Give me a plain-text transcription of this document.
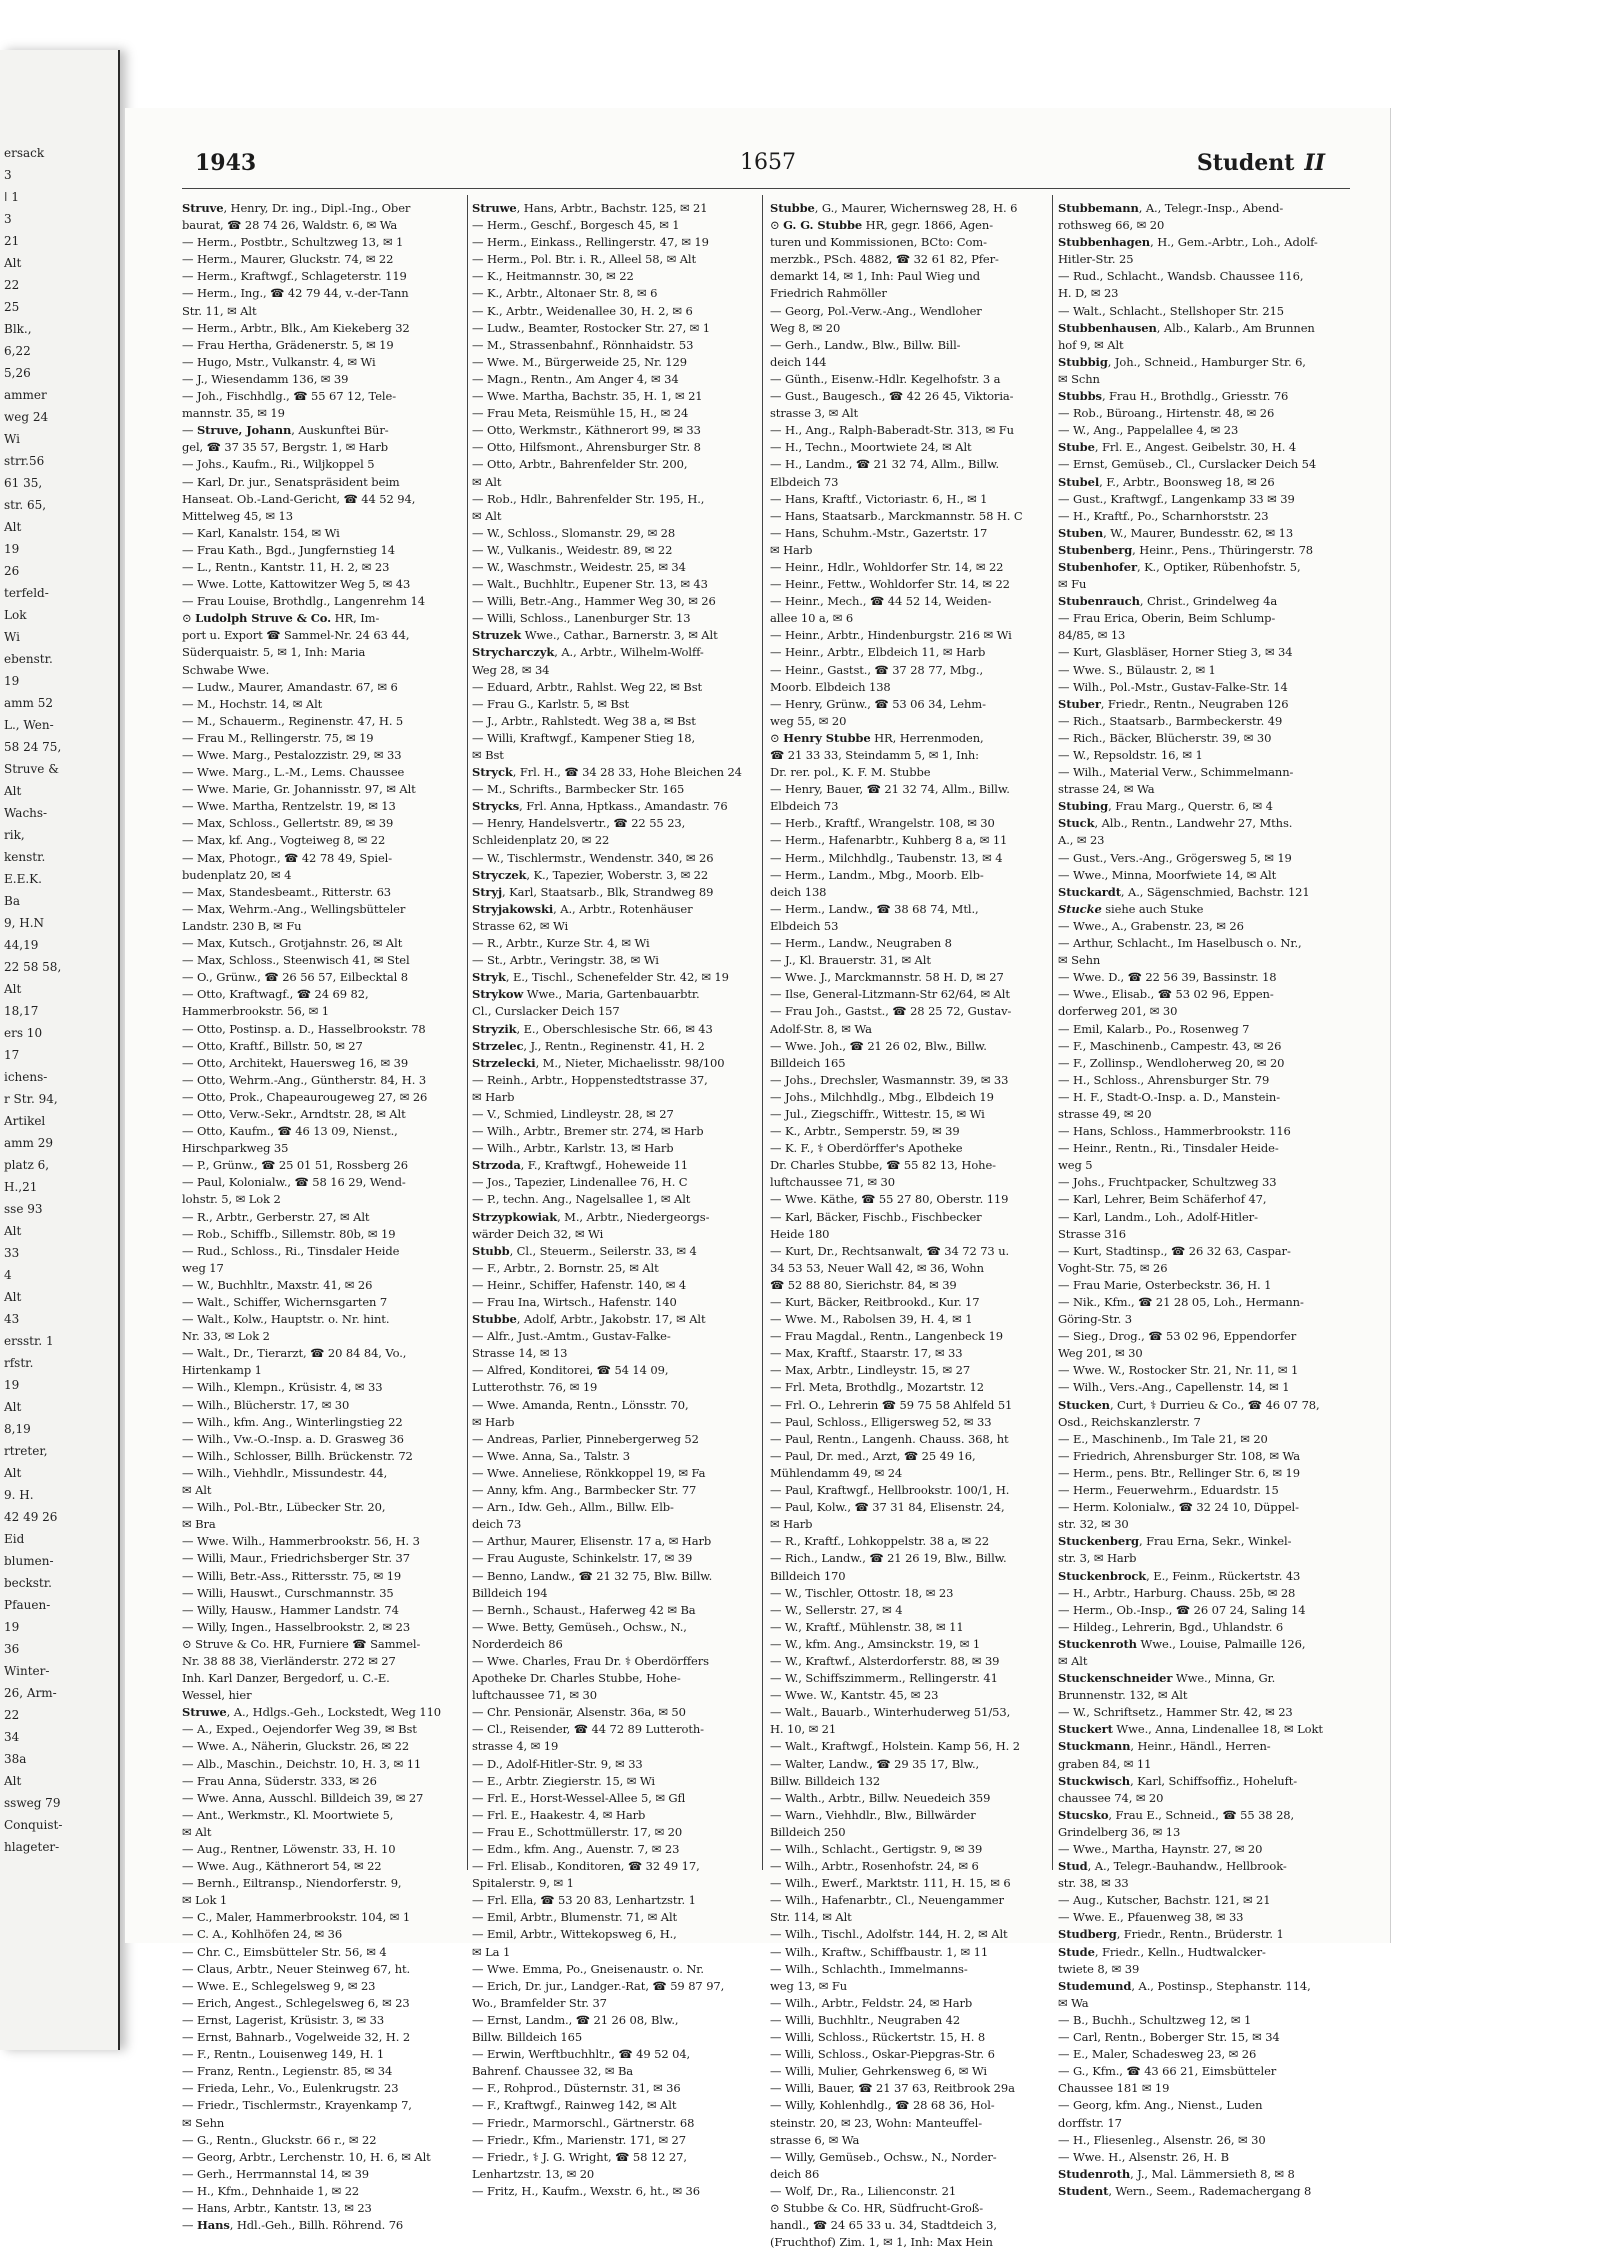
ersack
3
ǀ 1
3
21
Alt
22
25
Blk.,
6,22
5,26
ammer
weg 24
Wi
strr.56
61 35,
str. 65,
Alt
19
26
terfeld-
Lok
Wi
ebenstr.
19
amm 52
L., Wen-
58 24 75,
Struve &
Alt
Wachs-
rik,
kenstr.
E.E.K.
Ba
9, H.N
44,19
22 58 58,
Alt
18,17
ers 10
17
ichens-
r Str. 94,
Artikel
amm 29
platz 6,
H.,21
sse 93
Alt
33
4
Alt
43
ersstr. 1
rfstr.
19
Alt
8,19
rtreter,
Alt
9. H.
42 49 26
Eid
blumen-
beckstr.
Pfauen-
19
36
Winter-
26, Arm-
22
34
38a
Alt
ssweg 79
Conquist-
hlageter-
1943	1657	Student II
Struve, Henry, Dr. ing., Dipl.-Ing., Ober
baurat, ☎ 28 74 26, Waldstr. 6, ✉ Wa
— Herm., Postbtr., Schultzweg 13, ✉ 1
— Herm., Maurer, Gluckstr. 74, ✉ 22
— Herm., Kraftwgf., Schlageterstr. 119
— Herm., Ing., ☎ 42 79 44, v.-der-Tann
Str. 11, ✉ Alt
— Herm., Arbtr., Blk., Am Kiekeberg 32
— Frau Hertha, Grädenerstr. 5, ✉ 19
— Hugo, Mstr., Vulkanstr. 4, ✉ Wi
— J., Wiesendamm 136, ✉ 39
— Joh., Fischhdlg., ☎ 55 67 12, Tele-
mannstr. 35, ✉ 19
— Struve, Johann, Auskunftei Bür-
gel, ☎ 37 35 57, Bergstr. 1, ✉ Harb
— Johs., Kaufm., Ri., Wiljkoppel 5
— Karl, Dr. jur., Senatspräsident beim
Hanseat. Ob.-Land-Gericht, ☎ 44 52 94,
Mittelweg 45, ✉ 13
— Karl, Kanalstr. 154, ✉ Wi
— Frau Kath., Bgd., Jungfernstieg 14
— L., Rentn., Kantstr. 11, H. 2, ✉ 23
— Wwe. Lotte, Kattowitzer Weg 5, ✉ 43
— Frau Louise, Brothdlg., Langenrehm 14
⊙ Ludolph Struve & Co. HR, Im-
port u. Export ☎ Sammel-Nr. 24 63 44,
Süderquaistr. 5, ✉ 1, Inh: Maria
Schwabe Wwe.
— Ludw., Maurer, Amandastr. 67, ✉ 6
— M., Hochstr. 14, ✉ Alt
— M., Schauerm., Reginenstr. 47, H. 5
— Frau M., Rellingerstr. 75, ✉ 19
— Wwe. Marg., Pestalozzistr. 29, ✉ 33
— Wwe. Marg., L.-M., Lems. Chaussee
— Wwe. Marie, Gr. Johannisstr. 97, ✉ Alt
— Wwe. Martha, Rentzelstr. 19, ✉ 13
— Max, Schloss., Gellertstr. 89, ✉ 39
— Max, kf. Ang., Vogteiweg 8, ✉ 22
— Max, Photogr., ☎ 42 78 49, Spiel-
budenplatz 20, ✉ 4
— Max, Standesbeamt., Ritterstr. 63
— Max, Wehrm.-Ang., Wellingsbütteler
Landstr. 230 B, ✉ Fu
— Max, Kutsch., Grotjahnstr. 26, ✉ Alt
— Max, Schloss., Steenwisch 41, ✉ Stel
— O., Grünw., ☎ 26 56 57, Eilbecktal 8
— Otto, Kraftwagf., ☎ 24 69 82,
Hammerbrookstr. 56, ✉ 1
— Otto, Postinsp. a. D., Hasselbrookstr. 78
— Otto, Kraftf., Billstr. 50, ✉ 27
— Otto, Architekt, Hauersweg 16, ✉ 39
— Otto, Wehrm.-Ang., Güntherstr. 84, H. 3
— Otto, Prok., Chapeaurougeweg 27, ✉ 26
— Otto, Verw.-Sekr., Arndtstr. 28, ✉ Alt
— Otto, Kaufm., ☎ 46 13 09, Nienst.,
Hirschparkweg 35
— P., Grünw., ☎ 25 01 51, Rossberg 26
— Paul, Kolonialw., ☎ 58 16 29, Wend-
lohstr. 5, ✉ Lok 2
— R., Arbtr., Gerberstr. 27, ✉ Alt
— Rob., Schiffb., Sillemstr. 80b, ✉ 19
— Rud., Schloss., Ri., Tinsdaler Heide
weg 17
— W., Buchhltr., Maxstr. 41, ✉ 26
— Walt., Schiffer, Wichernsgarten 7
— Walt., Kolw., Hauptstr. o. Nr. hint.
Nr. 33, ✉ Lok 2
— Walt., Dr., Tierarzt, ☎ 20 84 84, Vo.,
Hirtenkamp 1
— Wilh., Klempn., Krüsistr. 4, ✉ 33
— Wilh., Blücherstr. 17, ✉ 30
— Wilh., kfm. Ang., Winterlingstieg 22
— Wilh., Vw.-O.-Insp. a. D. Grasweg 36
— Wilh., Schlosser, Billh. Brückenstr. 72
— Wilh., Viehhdlr., Missundestr. 44,
✉ Alt
— Wilh., Pol.-Btr., Lübecker Str. 20,
✉ Bra
— Wwe. Wilh., Hammerbrookstr. 56, H. 3
— Willi, Maur., Friedrichsberger Str. 37
— Willi, Betr.-Ass., Rittersstr. 75, ✉ 19
— Willi, Hauswt., Curschmannstr. 35
— Willy, Hausw., Hammer Landstr. 74
— Willy, Ingen., Hasselbrookstr. 2, ✉ 23
⊙ Struve & Co. HR, Furniere ☎ Sammel-
Nr. 38 88 38, Vierländerstr. 272 ✉ 27
Inh. Karl Danzer, Bergedorf, u. C.-E.
Wessel, hier
Struwe, A., Hdlgs.-Geh., Lockstedt, Weg 110
— A., Exped., Oejendorfer Weg 39, ✉ Bst
— Wwe. A., Näherin, Gluckstr. 26, ✉ 22
— Alb., Maschin., Deichstr. 10, H. 3, ✉ 11
— Frau Anna, Süderstr. 333, ✉ 26
— Wwe. Anna, Ausschl. Billdeich 39, ✉ 27
— Ant., Werkmstr., Kl. Moortwiete 5,
✉ Alt
— Aug., Rentner, Löwenstr. 33, H. 10
— Wwe. Aug., Käthnerort 54, ✉ 22
— Bernh., Eiltransp., Niendorferstr. 9,
✉ Lok 1
— C., Maler, Hammerbrookstr. 104, ✉ 1
— C. A., Kohlhöfen 24, ✉ 36
— Chr. C., Eimsbütteler Str. 56, ✉ 4
— Claus, Arbtr., Neuer Steinweg 67, ht.
— Wwe. E., Schlegelsweg 9, ✉ 23
— Erich, Angest., Schlegelsweg 6, ✉ 23
— Ernst, Lagerist, Krüsistr. 3, ✉ 33
— Ernst, Bahnarb., Vogelweide 32, H. 2
— F., Rentn., Louisenweg 149, H. 1
— Franz, Rentn., Legienstr. 85, ✉ 34
— Frieda, Lehr., Vo., Eulenkrugstr. 23
— Friedr., Tischlermstr., Krayenkamp 7,
✉ Sehn
— G., Rentn., Gluckstr. 66 r., ✉ 22
— Georg, Arbtr., Lerchenstr. 10, H. 6, ✉ Alt
— Gerh., Herrmannstal 14, ✉ 39
— H., Kfm., Dehnhaide 1, ✉ 22
— Hans, Arbtr., Kantstr. 13, ✉ 23
— Hans, Hdl.-Geh., Billh. Röhrend. 76
Struwe, Hans, Arbtr., Bachstr. 125, ✉ 21
— Herm., Geschf., Borgesch 45, ✉ 1
— Herm., Einkass., Rellingerstr. 47, ✉ 19
— Herm., Pol. Btr. i. R., Alleel 58, ✉ Alt
— K., Heitmannstr. 30, ✉ 22
— K., Arbtr., Altonaer Str. 8, ✉ 6
— K., Arbtr., Weidenallee 30, H. 2, ✉ 6
— Ludw., Beamter, Rostocker Str. 27, ✉ 1
— M., Strassenbahnf., Rönnhaidstr. 53
— Wwe. M., Bürgerweide 25, Nr. 129
— Magn., Rentn., Am Anger 4, ✉ 34
— Wwe. Martha, Bachstr. 35, H. 1, ✉ 21
— Frau Meta, Reismühle 15, H., ✉ 24
— Otto, Werkmstr., Käthnerort 99, ✉ 33
— Otto, Hilfsmont., Ahrensburger Str. 8
— Otto, Arbtr., Bahrenfelder Str. 200,
✉ Alt
— Rob., Hdlr., Bahrenfelder Str. 195, H.,
✉ Alt
— W., Schloss., Slomanstr. 29, ✉ 28
— W., Vulkanis., Weidestr. 89, ✉ 22
— W., Waschmstr., Weidestr. 25, ✉ 34
— Walt., Buchhltr., Eupener Str. 13, ✉ 43
— Willi, Betr.-Ang., Hammer Weg 30, ✉ 26
— Willi, Schloss., Lanenburger Str. 13
Struzek Wwe., Cathar., Barnerstr. 3, ✉ Alt
Strycharczyk, A., Arbtr., Wilhelm-Wolff-
Weg 28, ✉ 34
— Eduard, Arbtr., Rahlst. Weg 22, ✉ Bst
— Frau G., Karlstr. 5, ✉ Bst
— J., Arbtr., Rahlstedt. Weg 38 a, ✉ Bst
— Willi, Kraftwgf., Kampener Stieg 18,
✉ Bst
Stryck, Frl. H., ☎ 34 28 33, Hohe Bleichen 24
— M., Schrifts., Barmbecker Str. 165
Strycks, Frl. Anna, Hptkass., Amandastr. 76
— Henry, Handelsvertr., ☎ 22 55 23,
Schleidenplatz 20, ✉ 22
— W., Tischlermstr., Wendenstr. 340, ✉ 26
Stryczek, K., Tapezier, Woberstr. 3, ✉ 22
Stryj, Karl, Staatsarb., Blk, Strandweg 89
Stryjakowski, A., Arbtr., Rotenhäuser
Strasse 62, ✉ Wi
— R., Arbtr., Kurze Str. 4, ✉ Wi
— St., Arbtr., Veringstr. 38, ✉ Wi
Stryk, E., Tischl., Schenefelder Str. 42, ✉ 19
Strykow Wwe., Maria, Gartenbauarbtr.
Cl., Curslacker Deich 157
Stryzik, E., Oberschlesische Str. 66, ✉ 43
Strzelec, J., Rentn., Reginenstr. 41, H. 2
Strzelecki, M., Nieter, Michaelisstr. 98/100
— Reinh., Arbtr., Hoppenstedtstrasse 37,
✉ Harb
— V., Schmied, Lindleystr. 28, ✉ 27
— Wilh., Arbtr., Bremer str. 274, ✉ Harb
— Wilh., Arbtr., Karlstr. 13, ✉ Harb
Strzoda, F., Kraftwgf., Hoheweide 11
— Jos., Tapezier, Lindenallee 76, H. C
— P., techn. Ang., Nagelsallee 1, ✉ Alt
Strzypkowiak, M., Arbtr., Niedergeorgs-
wärder Deich 32, ✉ Wi
Stubb, Cl., Steuerm., Seilerstr. 33, ✉ 4
— F., Arbtr., 2. Bornstr. 25, ✉ Alt
— Heinr., Schiffer, Hafenstr. 140, ✉ 4
— Frau Ina, Wirtsch., Hafenstr. 140
Stubbe, Adolf, Arbtr., Jakobstr. 17, ✉ Alt
— Alfr., Just.-Amtm., Gustav-Falke-
Strasse 14, ✉ 13
— Alfred, Konditorei, ☎ 54 14 09,
Lutterothstr. 76, ✉ 19
— Wwe. Amanda, Rentn., Lönsstr. 70,
✉ Harb
— Andreas, Parlier, Pinnebergerweg 52
— Wwe. Anna, Sa., Talstr. 3
— Wwe. Anneliese, Rönkkoppel 19, ✉ Fa
— Anny, kfm. Ang., Barmbecker Str. 77
— Arn., Idw. Geh., Allm., Billw. Elb-
deich 73
— Arthur, Maurer, Elisenstr. 17 a, ✉ Harb
— Frau Auguste, Schinkelstr. 17, ✉ 39
— Benno, Landw., ☎ 21 32 75, Blw. Billw.
Billdeich 194
— Bernh., Schaust., Haferweg 42 ✉ Ba
— Wwe. Betty, Gemüseh., Ochsw., N.,
Norderdeich 86
— Wwe. Charles, Frau Dr. ⚕ Oberdörffers
Apotheke Dr. Charles Stubbe, Hohe-
luftchaussee 71, ✉ 30
— Chr. Pensionär, Alsenstr. 36a, ✉ 50
— Cl., Reisender, ☎ 44 72 89 Lutteroth-
strasse 4, ✉ 19
— D., Adolf-Hitler-Str. 9, ✉ 33
— E., Arbtr. Ziegierstr. 15, ✉ Wi
— Frl. E., Horst-Wessel-Allee 5, ✉ Gfl
— Frl. E., Haakestr. 4, ✉ Harb
— Frau E., Schottmüllerstr. 17, ✉ 20
— Edm., kfm. Ang., Auenstr. 7, ✉ 23
— Frl. Elisab., Konditoren, ☎ 32 49 17,
Spitalerstr. 9, ✉ 1
— Frl. Ella, ☎ 53 20 83, Lenhartzstr. 1
— Emil, Arbtr., Blumenstr. 71, ✉ Alt
— Emil, Arbtr., Wittekopsweg 6, H.,
✉ La 1
— Wwe. Emma, Po., Gneisenaustr. o. Nr.
— Erich, Dr. jur., Landger.-Rat, ☎ 59 87 97,
Wo., Bramfelder Str. 37
— Ernst, Landm., ☎ 21 26 08, Blw.,
Billw. Billdeich 165
— Erwin, Werftbuchhltr., ☎ 49 52 04,
Bahrenf. Chaussee 32, ✉ Ba
— F., Rohprod., Düsternstr. 31, ✉ 36
— F., Kraftwgf., Rainweg 142, ✉ Alt
— Friedr., Marmorschl., Gärtnerstr. 68
— Friedr., Kfm., Marienstr. 171, ✉ 27
— Friedr., ⚕ J. G. Wright, ☎ 58 12 27,
Lenhartzstr. 13, ✉ 20
— Fritz, H., Kaufm., Wexstr. 6, ht., ✉ 36
Stubbe, G., Maurer, Wichernsweg 28, H. 6
⊙ G. G. Stubbe HR, gegr. 1866, Agen-
turen und Kommissionen, BCto: Com-
merzbk., PSch. 4882, ☎ 32 61 82, Pfer-
demarkt 14, ✉ 1, Inh: Paul Wieg und
Friedrich Rahmöller
— Georg, Pol.-Verw.-Ang., Wendloher
Weg 8, ✉ 20
— Gerh., Landw., Blw., Billw. Bill-
deich 144
— Günth., Eisenw.-Hdlr. Kegelhofstr. 3 a
— Gust., Baugesch., ☎ 42 26 45, Viktoria-
strasse 3, ✉ Alt
— H., Ang., Ralph-Baberadt-Str. 313, ✉ Fu
— H., Techn., Moortwiete 24, ✉ Alt
— H., Landm., ☎ 21 32 74, Allm., Billw.
Elbdeich 73
— Hans, Kraftf., Victoriastr. 6, H., ✉ 1
— Hans, Staatsarb., Marckmannstr. 58 H. C
— Hans, Schuhm.-Mstr., Gazertstr. 17
✉ Harb
— Heinr., Hdlr., Wohldorfer Str. 14, ✉ 22
— Heinr., Fettw., Wohldorfer Str. 14, ✉ 22
— Heinr., Mech., ☎ 44 52 14, Weiden-
allee 10 a, ✉ 6
— Heinr., Arbtr., Hindenburgstr. 216 ✉ Wi
— Heinr., Arbtr., Elbdeich 11, ✉ Harb
— Heinr., Gastst., ☎ 37 28 77, Mbg.,
Moorb. Elbdeich 138
— Henry, Grünw., ☎ 53 06 34, Lehm-
weg 55, ✉ 20
⊙ Henry Stubbe HR, Herrenmoden,
☎ 21 33 33, Steindamm 5, ✉ 1, Inh:
Dr. rer. pol., K. F. M. Stubbe
— Henry, Bauer, ☎ 21 32 74, Allm., Billw.
Elbdeich 73
— Herb., Kraftf., Wrangelstr. 108, ✉ 30
— Herm., Hafenarbtr., Kuhberg 8 a, ✉ 11
— Herm., Milchhdlg., Taubenstr. 13, ✉ 4
— Herm., Landm., Mbg., Moorb. Elb-
deich 138
— Herm., Landw., ☎ 38 68 74, Mtl.,
Elbdeich 53
— Herm., Landw., Neugraben 8
— J., Kl. Brauerstr. 31, ✉ Alt
— Wwe. J., Marckmannstr. 58 H. D, ✉ 27
— Ilse, General-Litzmann-Str 62/64, ✉ Alt
— Frau Joh., Gastst., ☎ 28 25 72, Gustav-
Adolf-Str. 8, ✉ Wa
— Wwe. Joh., ☎ 21 26 02, Blw., Billw.
Billdeich 165
— Johs., Drechsler, Wasmannstr. 39, ✉ 33
— Johs., Milchhdlg., Mbg., Elbdeich 19
— Jul., Ziegschiffr., Wittestr. 15, ✉ Wi
— K., Arbtr., Semperstr. 59, ✉ 39
— K. F., ⚕ Oberdörffer's Apotheke
Dr. Charles Stubbe, ☎ 55 82 13, Hohe-
luftchaussee 71, ✉ 30
— Wwe. Käthe, ☎ 55 27 80, Oberstr. 119
— Karl, Bäcker, Fischb., Fischbecker
Heide 180
— Kurt, Dr., Rechtsanwalt, ☎ 34 72 73 u.
34 53 53, Neuer Wall 42, ✉ 36, Wohn
☎ 52 88 80, Sierichstr. 84, ✉ 39
— Kurt, Bäcker, Reitbrookd., Kur. 17
— Wwe. M., Rabolsen 39, H. 4, ✉ 1
— Frau Magdal., Rentn., Langenbeck 19
— Max, Kraftf., Staarstr. 17, ✉ 33
— Max, Arbtr., Lindleystr. 15, ✉ 27
— Frl. Meta, Brothdlg., Mozartstr. 12
— Frl. O., Lehrerin ☎ 59 75 58 Ahlfeld 51
— Paul, Schloss., Elligersweg 52, ✉ 33
— Paul, Rentn., Langenh. Chauss. 368, ht
— Paul, Dr. med., Arzt, ☎ 25 49 16,
Mühlendamm 49, ✉ 24
— Paul, Kraftwgf., Hellbrookstr. 100/1, H.
— Paul, Kolw., ☎ 37 31 84, Elisenstr. 24,
✉ Harb
— R., Kraftf., Lohkoppelstr. 38 a, ✉ 22
— Rich., Landw., ☎ 21 26 19, Blw., Billw.
Billdeich 170
— W., Tischler, Ottostr. 18, ✉ 23
— W., Sellerstr. 27, ✉ 4
— W., Kraftf., Mühlenstr. 38, ✉ 11
— W., kfm. Ang., Amsinckstr. 19, ✉ 1
— W., Kraftwf., Alsterdorferstr. 88, ✉ 39
— W., Schiffszimmerm., Rellingerstr. 41
— Wwe. W., Kantstr. 45, ✉ 23
— Walt., Bauarb., Winterhuderweg 51/53,
H. 10, ✉ 21
— Walt., Kraftwgf., Holstein. Kamp 56, H. 2
— Walter, Landw., ☎ 29 35 17, Blw.,
Billw. Billdeich 132
— Walth., Arbtr., Billw. Neuedeich 359
— Warn., Viehhdlr., Blw., Billwärder
Billdeich 250
— Wilh., Schlacht., Gertigstr. 9, ✉ 39
— Wilh., Arbtr., Rosenhofstr. 24, ✉ 6
— Wilh., Ewerf., Marktstr. 111, H. 15, ✉ 6
— Wilh., Hafenarbtr., Cl., Neuengammer
Str. 114, ✉ Alt
— Wilh., Tischl., Adolfstr. 144, H. 2, ✉ Alt
— Wilh., Kraftw., Schiffbaustr. 1, ✉ 11
— Wilh., Schlachth., Immelmanns-
weg 13, ✉ Fu
— Wilh., Arbtr., Feldstr. 24, ✉ Harb
— Willi, Buchhltr., Neugraben 42
— Willi, Schloss., Rückertstr. 15, H. 8
— Willi, Schloss., Oskar-Piepgras-Str. 6
— Willi, Mulier, Gehrkensweg 6, ✉ Wi
— Willi, Bauer, ☎ 21 37 63, Reitbrook 29a
— Willy, Kohlenhdlg., ☎ 28 68 36, Hol-
steinstr. 20, ✉ 23, Wohn: Manteuffel-
strasse 6, ✉ Wa
— Willy, Gemüseb., Ochsw., N., Norder-
deich 86
— Wolf, Dr., Ra., Lilienconstr. 21
⊙ Stubbe & Co. HR, Südfrucht-Groß-
handl., ☎ 24 65 33 u. 34, Stadtdeich 3,
(Fruchthof) Zim. 1, ✉ 1, Inh: Max Hein
Stubbemann, A., Telegr.-Insp., Abend-
rothsweg 66, ✉ 20
Stubbenhagen, H., Gem.-Arbtr., Loh., Adolf-
Hitler-Str. 25
— Rud., Schlacht., Wandsb. Chaussee 116,
H. D, ✉ 23
— Walt., Schlacht., Stellshoper Str. 215
Stubbenhausen, Alb., Kalarb., Am Brunnen
hof 9, ✉ Alt
Stubbig, Joh., Schneid., Hamburger Str. 6,
✉ Schn
Stubbs, Frau H., Brothdlg., Griesstr. 76
— Rob., Büroang., Hirtenstr. 48, ✉ 26
— W., Ang., Pappelallee 4, ✉ 23
Stube, Frl. E., Angest. Geibelstr. 30, H. 4
— Ernst, Gemüseb., Cl., Curslacker Deich 54
Stubel, F., Arbtr., Boonsweg 18, ✉ 26
— Gust., Kraftwgf., Langenkamp 33 ✉ 39
— H., Kraftf., Po., Scharnhorststr. 23
Stuben, W., Maurer, Bundesstr. 62, ✉ 13
Stubenberg, Heinr., Pens., Thüringerstr. 78
Stubenhofer, K., Optiker, Rübenhofstr. 5,
✉ Fu
Stubenrauch, Christ., Grindelweg 4a
— Frau Erica, Oberin, Beim Schlump-
84/85, ✉ 13
— Kurt, Glasbläser, Horner Stieg 3, ✉ 34
— Wwe. S., Bülaustr. 2, ✉ 1
— Wilh., Pol.-Mstr., Gustav-Falke-Str. 14
Stuber, Friedr., Rentn., Neugraben 126
— Rich., Staatsarb., Barmbeckerstr. 49
— Rich., Bäcker, Blücherstr. 39, ✉ 30
— W., Repsoldstr. 16, ✉ 1
— Wilh., Material Verw., Schimmelmann-
strasse 24, ✉ Wa
Stubing, Frau Marg., Querstr. 6, ✉ 4
Stuck, Alb., Rentn., Landwehr 27, Mths.
A., ✉ 23
— Gust., Vers.-Ang., Grögersweg 5, ✉ 19
— Wwe., Minna, Moorfwiete 14, ✉ Alt
Stuckardt, A., Sägenschmied, Bachstr. 121
Stucke siehe auch Stuke
— Wwe., A., Grabenstr. 23, ✉ 26
— Arthur, Schlacht., Im Haselbusch o. Nr.,
✉ Sehn
— Wwe. D., ☎ 22 56 39, Bassinstr. 18
— Wwe., Elisab., ☎ 53 02 96, Eppen-
dorferweg 201, ✉ 30
— Emil, Kalarb., Po., Rosenweg 7
— F., Maschinenb., Campestr. 43, ✉ 26
— F., Zollinsp., Wendloherweg 20, ✉ 20
— H., Schloss., Ahrensburger Str. 79
— H. F., Stadt-O.-Insp. a. D., Manstein-
strasse 49, ✉ 20
— Hans, Schloss., Hammerbrookstr. 116
— Heinr., Rentn., Ri., Tinsdaler Heide-
weg 5
— Johs., Fruchtpacker, Schultzweg 33
— Karl, Lehrer, Beim Schäferhof 47,
— Karl, Landm., Loh., Adolf-Hitler-
Strasse 316
— Kurt, Stadtinsp., ☎ 26 32 63, Caspar-
Voght-Str. 75, ✉ 26
— Frau Marie, Osterbeckstr. 36, H. 1
— Nik., Kfm., ☎ 21 28 05, Loh., Hermann-
Göring-Str. 3
— Sieg., Drog., ☎ 53 02 96, Eppendorfer
Weg 201, ✉ 30
— Wwe. W., Rostocker Str. 21, Nr. 11, ✉ 1
— Wilh., Vers.-Ang., Capellenstr. 14, ✉ 1
Stucken, Curt, ⚕ Durrieu & Co., ☎ 46 07 78,
Osd., Reichskanzlerstr. 7
— E., Maschinenb., Im Tale 21, ✉ 20
— Friedrich, Ahrensburger Str. 108, ✉ Wa
— Herm., pens. Btr., Rellinger Str. 6, ✉ 19
— Herm., Feuerwehrm., Eduardstr. 15
— Herm. Kolonialw., ☎ 32 24 10, Düppel-
str. 32, ✉ 30
Stuckenberg, Frau Erna, Sekr., Winkel-
str. 3, ✉ Harb
Stuckenbrock, E., Feinm., Rückertstr. 43
— H., Arbtr., Harburg. Chauss. 25b, ✉ 28
— Herm., Ob.-Insp., ☎ 26 07 24, Saling 14
— Hildeg., Lehrerin, Bgd., Uhlandstr. 6
Stuckenroth Wwe., Louise, Palmaille 126,
✉ Alt
Stuckenschneider Wwe., Minna, Gr.
Brunnenstr. 132, ✉ Alt
— W., Schriftsetz., Hammer Str. 42, ✉ 23
Stuckert Wwe., Anna, Lindenallee 18, ✉ Lokt
Stuckmann, Heinr., Händl., Herren-
graben 84, ✉ 11
Stuckwisch, Karl, Schiffsoffiz., Hoheluft-
chaussee 74, ✉ 20
Stucsko, Frau E., Schneid., ☎ 55 38 28,
Grindelberg 36, ✉ 13
— Wwe., Martha, Haynstr. 27, ✉ 20
Stud, A., Telegr.-Bauhandw., Hellbrook-
str. 38, ✉ 33
— Aug., Kutscher, Bachstr. 121, ✉ 21
— Wwe. E., Pfauenweg 38, ✉ 33
Studberg, Friedr., Rentn., Brüderstr. 1
Stude, Friedr., Kelln., Hudtwalcker-
twiete 8, ✉ 39
Studemund, A., Postinsp., Stephanstr. 114,
✉ Wa
— B., Buchh., Schultzweg 12, ✉ 1
— Carl, Rentn., Boberger Str. 15, ✉ 34
— E., Maler, Schadesweg 23, ✉ 26
— G., Kfm., ☎ 43 66 21, Eimsbütteler
Chaussee 181 ✉ 19
— Georg, kfm. Ang., Nienst., Luden
dorffstr. 17
— H., Fliesenleg., Alsenstr. 26, ✉ 30
— Wwe. H., Alsenstr. 26, H. B
Studenroth, J., Mal. Lämmersieth 8, ✉ 8
Student, Wern., Seem., Rademachergang 8
